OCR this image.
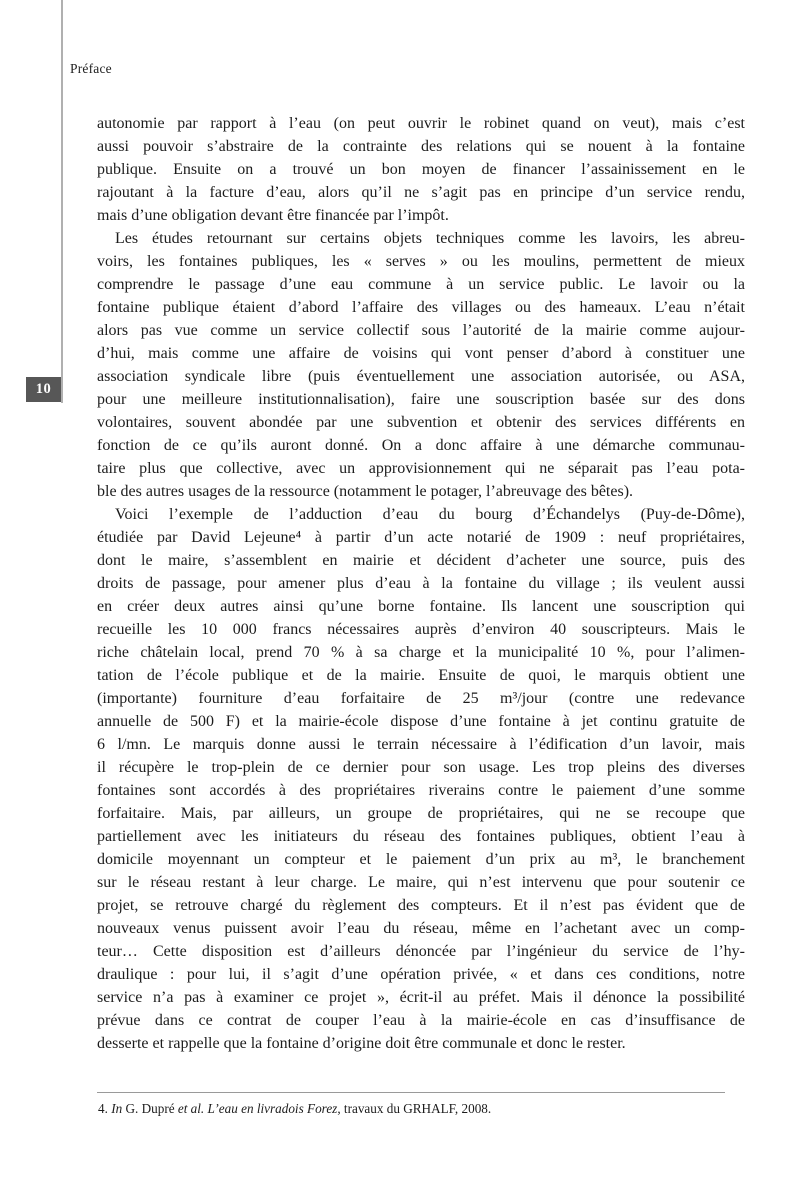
Préface
10
autonomie par rapport à l’eau (on peut ouvrir le robinet quand on veut), mais c’est
aussi pouvoir s’abstraire de la contrainte des relations qui se nouent à la fontaine
publique. Ensuite on a trouvé un bon moyen de financer l’assainissement en le
rajoutant à la facture d’eau, alors qu’il ne s’agit pas en principe d’un service rendu,
mais d’une obligation devant être financée par l’impôt.
Les études retournant sur certains objets techniques comme les lavoirs, les abreu-
voirs, les fontaines publiques, les « serves » ou les moulins, permettent de mieux
comprendre le passage d’une eau commune à un service public. Le lavoir ou la
fontaine publique étaient d’abord l’affaire des villages ou des hameaux. L’eau n’était
alors pas vue comme un service collectif sous l’autorité de la mairie comme aujour-
d’hui, mais comme une affaire de voisins qui vont penser d’abord à constituer une
association syndicale libre (puis éventuellement une association autorisée, ou ASA,
pour une meilleure institutionnalisation), faire une souscription basée sur des dons
volontaires, souvent abondée par une subvention et obtenir des services différents en
fonction de ce qu’ils auront donné. On a donc affaire à une démarche communau-
taire plus que collective, avec un approvisionnement qui ne séparait pas l’eau pota-
ble des autres usages de la ressource (notamment le potager, l’abreuvage des bêtes).
Voici l’exemple de l’adduction d’eau du bourg d’Échandelys (Puy-de-Dôme),
étudiée par David Lejeune⁴ à partir d’un acte notarié de 1909 : neuf propriétaires,
dont le maire, s’assemblent en mairie et décident d’acheter une source, puis des
droits de passage, pour amener plus d’eau à la fontaine du village ; ils veulent aussi
en créer deux autres ainsi qu’une borne fontaine. Ils lancent une souscription qui
recueille les 10 000 francs nécessaires auprès d’environ 40 souscripteurs. Mais le
riche châtelain local, prend 70 % à sa charge et la municipalité 10 %, pour l’alimen-
tation de l’école publique et de la mairie. Ensuite de quoi, le marquis obtient une
(importante) fourniture d’eau forfaitaire de 25 m³/jour (contre une redevance
annuelle de 500 F) et la mairie-école dispose d’une fontaine à jet continu gratuite de
6 l/mn. Le marquis donne aussi le terrain nécessaire à l’édification d’un lavoir, mais
il récupère le trop-plein de ce dernier pour son usage. Les trop pleins des diverses
fontaines sont accordés à des propriétaires riverains contre le paiement d’une somme
forfaitaire. Mais, par ailleurs, un groupe de propriétaires, qui ne se recoupe que
partiellement avec les initiateurs du réseau des fontaines publiques, obtient l’eau à
domicile moyennant un compteur et le paiement d’un prix au m³, le branchement
sur le réseau restant à leur charge. Le maire, qui n’est intervenu que pour soutenir ce
projet, se retrouve chargé du règlement des compteurs. Et il n’est pas évident que de
nouveaux venus puissent avoir l’eau du réseau, même en l’achetant avec un comp-
teur… Cette disposition est d’ailleurs dénoncée par l’ingénieur du service de l’hy-
draulique : pour lui, il s’agit d’une opération privée, « et dans ces conditions, notre
service n’a pas à examiner ce projet », écrit-il au préfet. Mais il dénonce la possibilité
prévue dans ce contrat de couper l’eau à la mairie-école en cas d’insuffisance de
desserte et rappelle que la fontaine d’origine doit être communale et donc le rester.
4. In G. Dupré et al. L’eau en livradois Forez, travaux du GRHALF, 2008.
